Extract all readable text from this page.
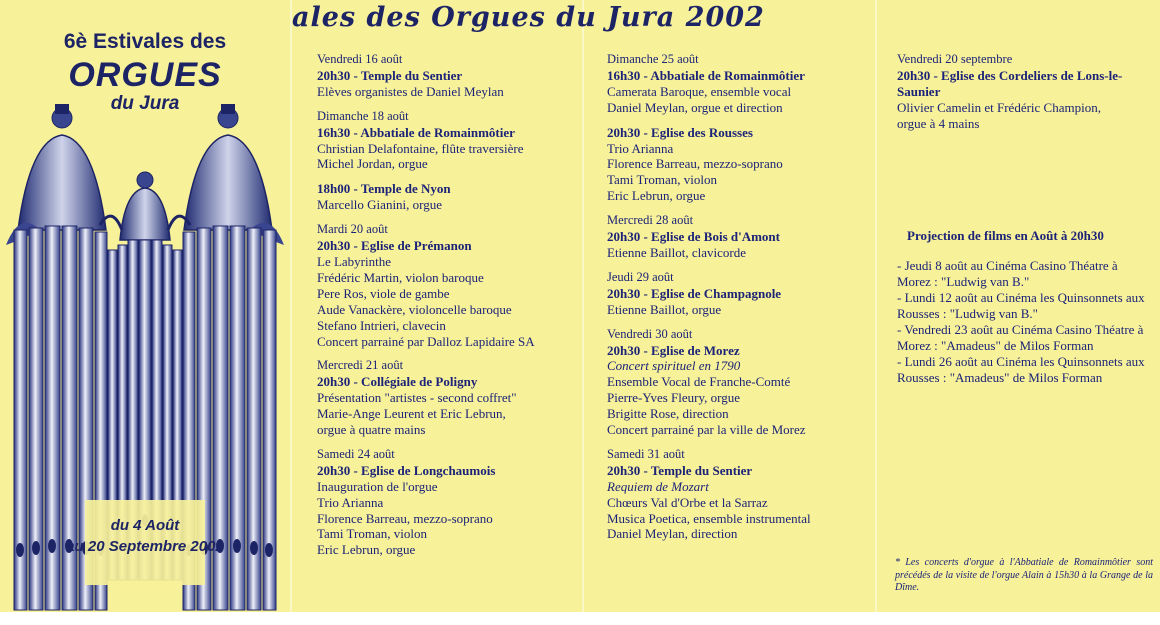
ales des Orgues du Jura 2002
6è Estivales des
ORGUES
du Jura
du 4 Août
au 20 Septembre 2002
Vendredi 16 août
20h30 - Temple du Sentier
Elèves organistes de Daniel Meylan
Dimanche 18 août
16h30 - Abbatiale de Romainmôtier
Christian Delafontaine, flûte traversière
Michel Jordan, orgue
18h00 - Temple de Nyon
Marcello Gianini, orgue
Mardi 20 août
20h30 - Eglise de Prémanon
Le Labyrinthe
Frédéric Martin, violon baroque
Pere Ros, viole de gambe
Aude Vanackère, violoncelle baroque
Stefano Intrieri, clavecin
Concert parrainé par Dalloz Lapidaire SA
Mercredi 21 août
20h30 - Collégiale de Poligny
Présentation "artistes - second coffret"
Marie-Ange Leurent et Eric Lebrun,
orgue à quatre mains
Samedi 24 août
20h30 - Eglise de Longchaumois
Inauguration de l'orgue
Trio Arianna
Florence Barreau, mezzo-soprano
Tami Troman, violon
Eric Lebrun, orgue
Dimanche 25 août
16h30 - Abbatiale de Romainmôtier
Camerata Baroque, ensemble vocal
Daniel Meylan, orgue et direction
20h30 - Eglise des Rousses
Trio Arianna
Florence Barreau, mezzo-soprano
Tami Troman, violon
Eric Lebrun, orgue
Mercredi 28 août
20h30 - Eglise de Bois d'Amont
Etienne Baillot, clavicorde
Jeudi 29 août
20h30 - Eglise de Champagnole
Etienne Baillot, orgue
Vendredi 30 août
20h30 - Eglise de Morez
Concert spirituel en 1790
Ensemble Vocal de Franche-Comté
Pierre-Yves Fleury, orgue
Brigitte Rose, direction
Concert parrainé par la ville de Morez
Samedi 31 août
20h30 - Temple du Sentier
Requiem de Mozart
Chœurs Val d'Orbe et la Sarraz
Musica Poetica, ensemble instrumental
Daniel Meylan, direction
Vendredi 20 septembre
20h30 - Eglise des Cordeliers de Lons-le-Saunier
Olivier Camelin et Frédéric Champion,
orgue à 4 mains
Projection de films en Août à 20h30
- Jeudi 8 août au Cinéma Casino Théatre à Morez : "Ludwig van B."
- Lundi 12 août au Cinéma les Quinsonnets aux Rousses : "Ludwig van B."
- Vendredi 23 août au Cinéma Casino Théatre à Morez : "Amadeus" de Milos Forman
- Lundi 26 août au Cinéma les Quinsonnets aux Rousses : "Amadeus" de Milos Forman
* Les concerts d'orgue à l'Abbatiale de Romainmôtier sont précédés de la visite de l'orgue Alain à 15h30 à la Grange de la Dîme.
